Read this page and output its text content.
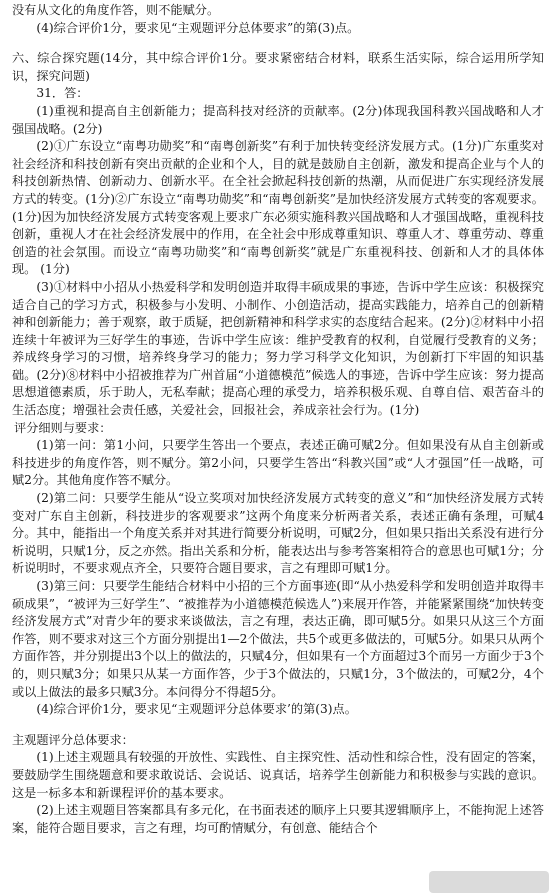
没有从文化的角度作答，则不能赋分。

(4)综合评价1分，要求见“主观题评分总体要求”的第(3)点。

六、综合探究题(14分，其中综合评价1分。要求紧密结合材料，联系生活实际，综合运用所学知识，探究问题)

31．答：

(1)重视和提高自主创新能力；提高科技对经济的贡献率。(2分)体现我国科教兴国战略和人才强国战略。(2分)

(2)①广东设立“南粤功勋奖”和“南粤创新奖”有利于加快转变经济发展方式。(1分)广东重奖对社会经济和科技创新有突出贡献的企业和个人，目的就是鼓励自主创新，激发和提高企业与个人的科技创新热情、创新动力、创新水平。在全社会掀起科技创新的热潮，从而促进广东实现经济发展方式的转变。(1分)②广东设立“南粤功勋奖”和“南粤创新奖”是加快经济发展方式转变的客观要求。(1分)因为加快经济发展方式转变客观上要求广东必须实施科教兴国战略和人才强国战略，重视科技创新，重视人才在社会经济发展中的作用，在全社会中形成尊重知识、尊重人才、尊重劳动、尊重创造的社会氛围。而设立“南粤功勋奖”和“南粤创新奖”就是广东重视科技、创新和人才的具体体现。 (1分)

(3)①材料中小招从小热爱科学和发明创造并取得丰硕成果的事迹，告诉中学生应该：积极探究适合自己的学习方式，积极参与小发明、小制作、小创造活动，提高实践能力，培养自己的创新精神和创新能力；善于观察，敢于质疑，把创新精神和科学求实的态度结合起来。(2分)②材料中小招连续十年被评为三好学生的事迹，告诉中学生应该：维护受教育的权利，自觉履行受教育的义务；养成终身学习的习惯，培养终身学习的能力；努力学习科学文化知识，为创新打下牢固的知识基础。(2分)⑧材料中小招被推荐为广州首届“小道德模范”候选人的事迹，告诉中学生应该：努力提高思想道德素质，乐于助人，无私奉献；提高心理的承受力，培养积极乐观、自尊自信、艰苦奋斗的生活态度；增强社会责任感，关爱社会，回报社会，养成亲社会行为。(1分)

评分细则与要求：

(1)第一问：第1小问，只要学生答出一个要点，表述正确可赋2分。但如果没有从自主创新或科技进步的角度作答，则不赋分。第2小问，只要学生答出“科教兴国”或“人才强国”任一战略，可赋2分。其他角度作答不赋分。

(2)第二问：只要学生能从“设立奖项对加快经济发展方式转变的意义”和“加快经济发展方式转变对广东自主创新，科技进步的客观要求”这两个角度来分析两者关系，表述正确有条理，可赋4分。其中，能指出一个角度关系并对其进行简要分析说明，可赋2分，但如果只指出关系没有进行分析说明，只赋1分，反之亦然。指出关系和分析，能表达出与参考答案相符合的意思也可赋1分；分析说明时，不要求观点齐全，只要符合题目要求，言之有理即可赋1分。

(3)第三问：只要学生能结合材料中小招的三个方面事迹(即“从小热爱科学和发明创造并取得丰硕成果”，“被评为三好学生”、“被推荐为小道德模范候选人”)来展开作答，并能紧紧围绕“加快转变经济发展方式”对青少年的要求来谈做法，言之有理，表达正确，即可赋5分。如果只从这三个方面作答，则不要求对这三个方面分别提出1—2个做法，共5个或更多做法的，可赋5分。如果只从两个方面作答，并分别提出3个以上的做法的，只赋4分，但如果有一个方面超过3个而另一方面少于3个的，则只赋3分；如果只从某一方面作答，少于3个做法的，只赋1分，3个做法的，可赋2分，4个或以上做法的最多只赋3分。本问得分不得超5分。

(4)综合评价1分，要求见“主观题评分总体要求’的第(3)点。

主观题评分总体要求：

(1)上述主观题具有较强的开放性、实践性、自主探究性、活动性和综合性，没有固定的答案，要鼓励学生围绕题意和要求敢说话、会说话、说真话，培养学生创新能力和积极参与实践的意识。这是一标多本和新课程评价的基本要求。

(2)上述主观题目答案都具有多元化，在书面表述的顺序上只要其逻辑顺序上，不能拘泥上述答案，能符合题目要求，言之有理，均可酌情赋分，有创意、能结合个
